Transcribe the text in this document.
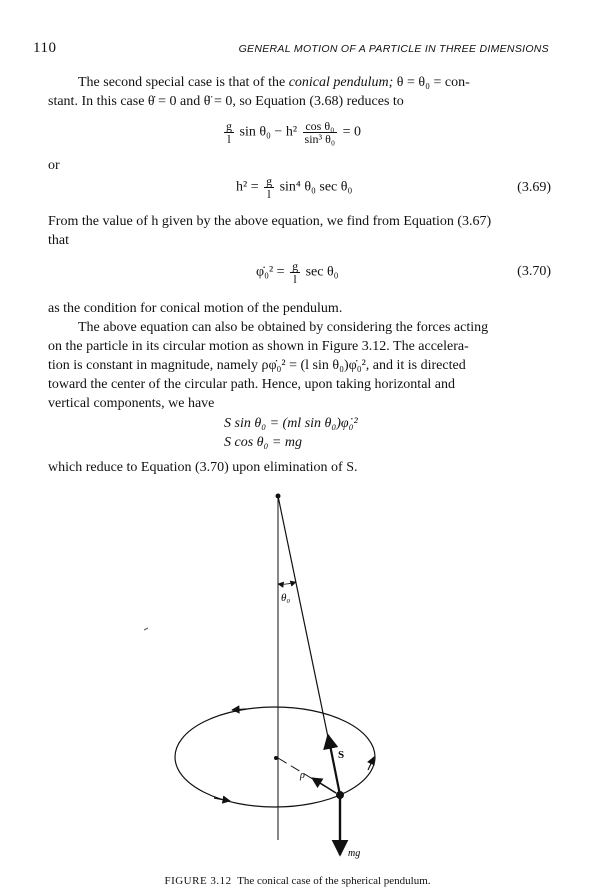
110	GENERAL MOTION OF A PARTICLE IN THREE DIMENSIONS
The second special case is that of the conical pendulum; θ = θ₀ = con-
stant. In this case θ̇ = 0 and θ̈ = 0, so Equation (3.68) reduces to
$\frac{g}{l}$ $\sin \theta_0 - h^2 \frac{\text{cos θ₀}}{\text{sin³ θ₀}} = 0$
or
$h^2 = \frac{g}{l} \sin^4$ θ₀ sec θ₀	(3.69)
From the value of h given by the above equation, we find from Equation (3.67)
that
φ̇₀² = $\frac{g}{l}$ sec θ₀	(3.70)
as the condition for conical motion of the pendulum.
The above equation can also be obtained by considering the forces acting
on the particle in its circular motion as shown in Figure 3.12. The accelera-
tion is constant in magnitude, namely ρφ̇₀² = (l sin θ₀)φ̇₀², and it is directed
toward the center of the circular path. Hence, upon taking horizontal and
vertical components, we have
S sin θ₀ = (ml sin θ₀)φ̇₀²
S cos θ₀ = mg
which reduce to Equation (3.70) upon elimination of S.
θ₀
S
ρ
mg
FIGURE 3.12 The conical case of the spherical pendulum.
